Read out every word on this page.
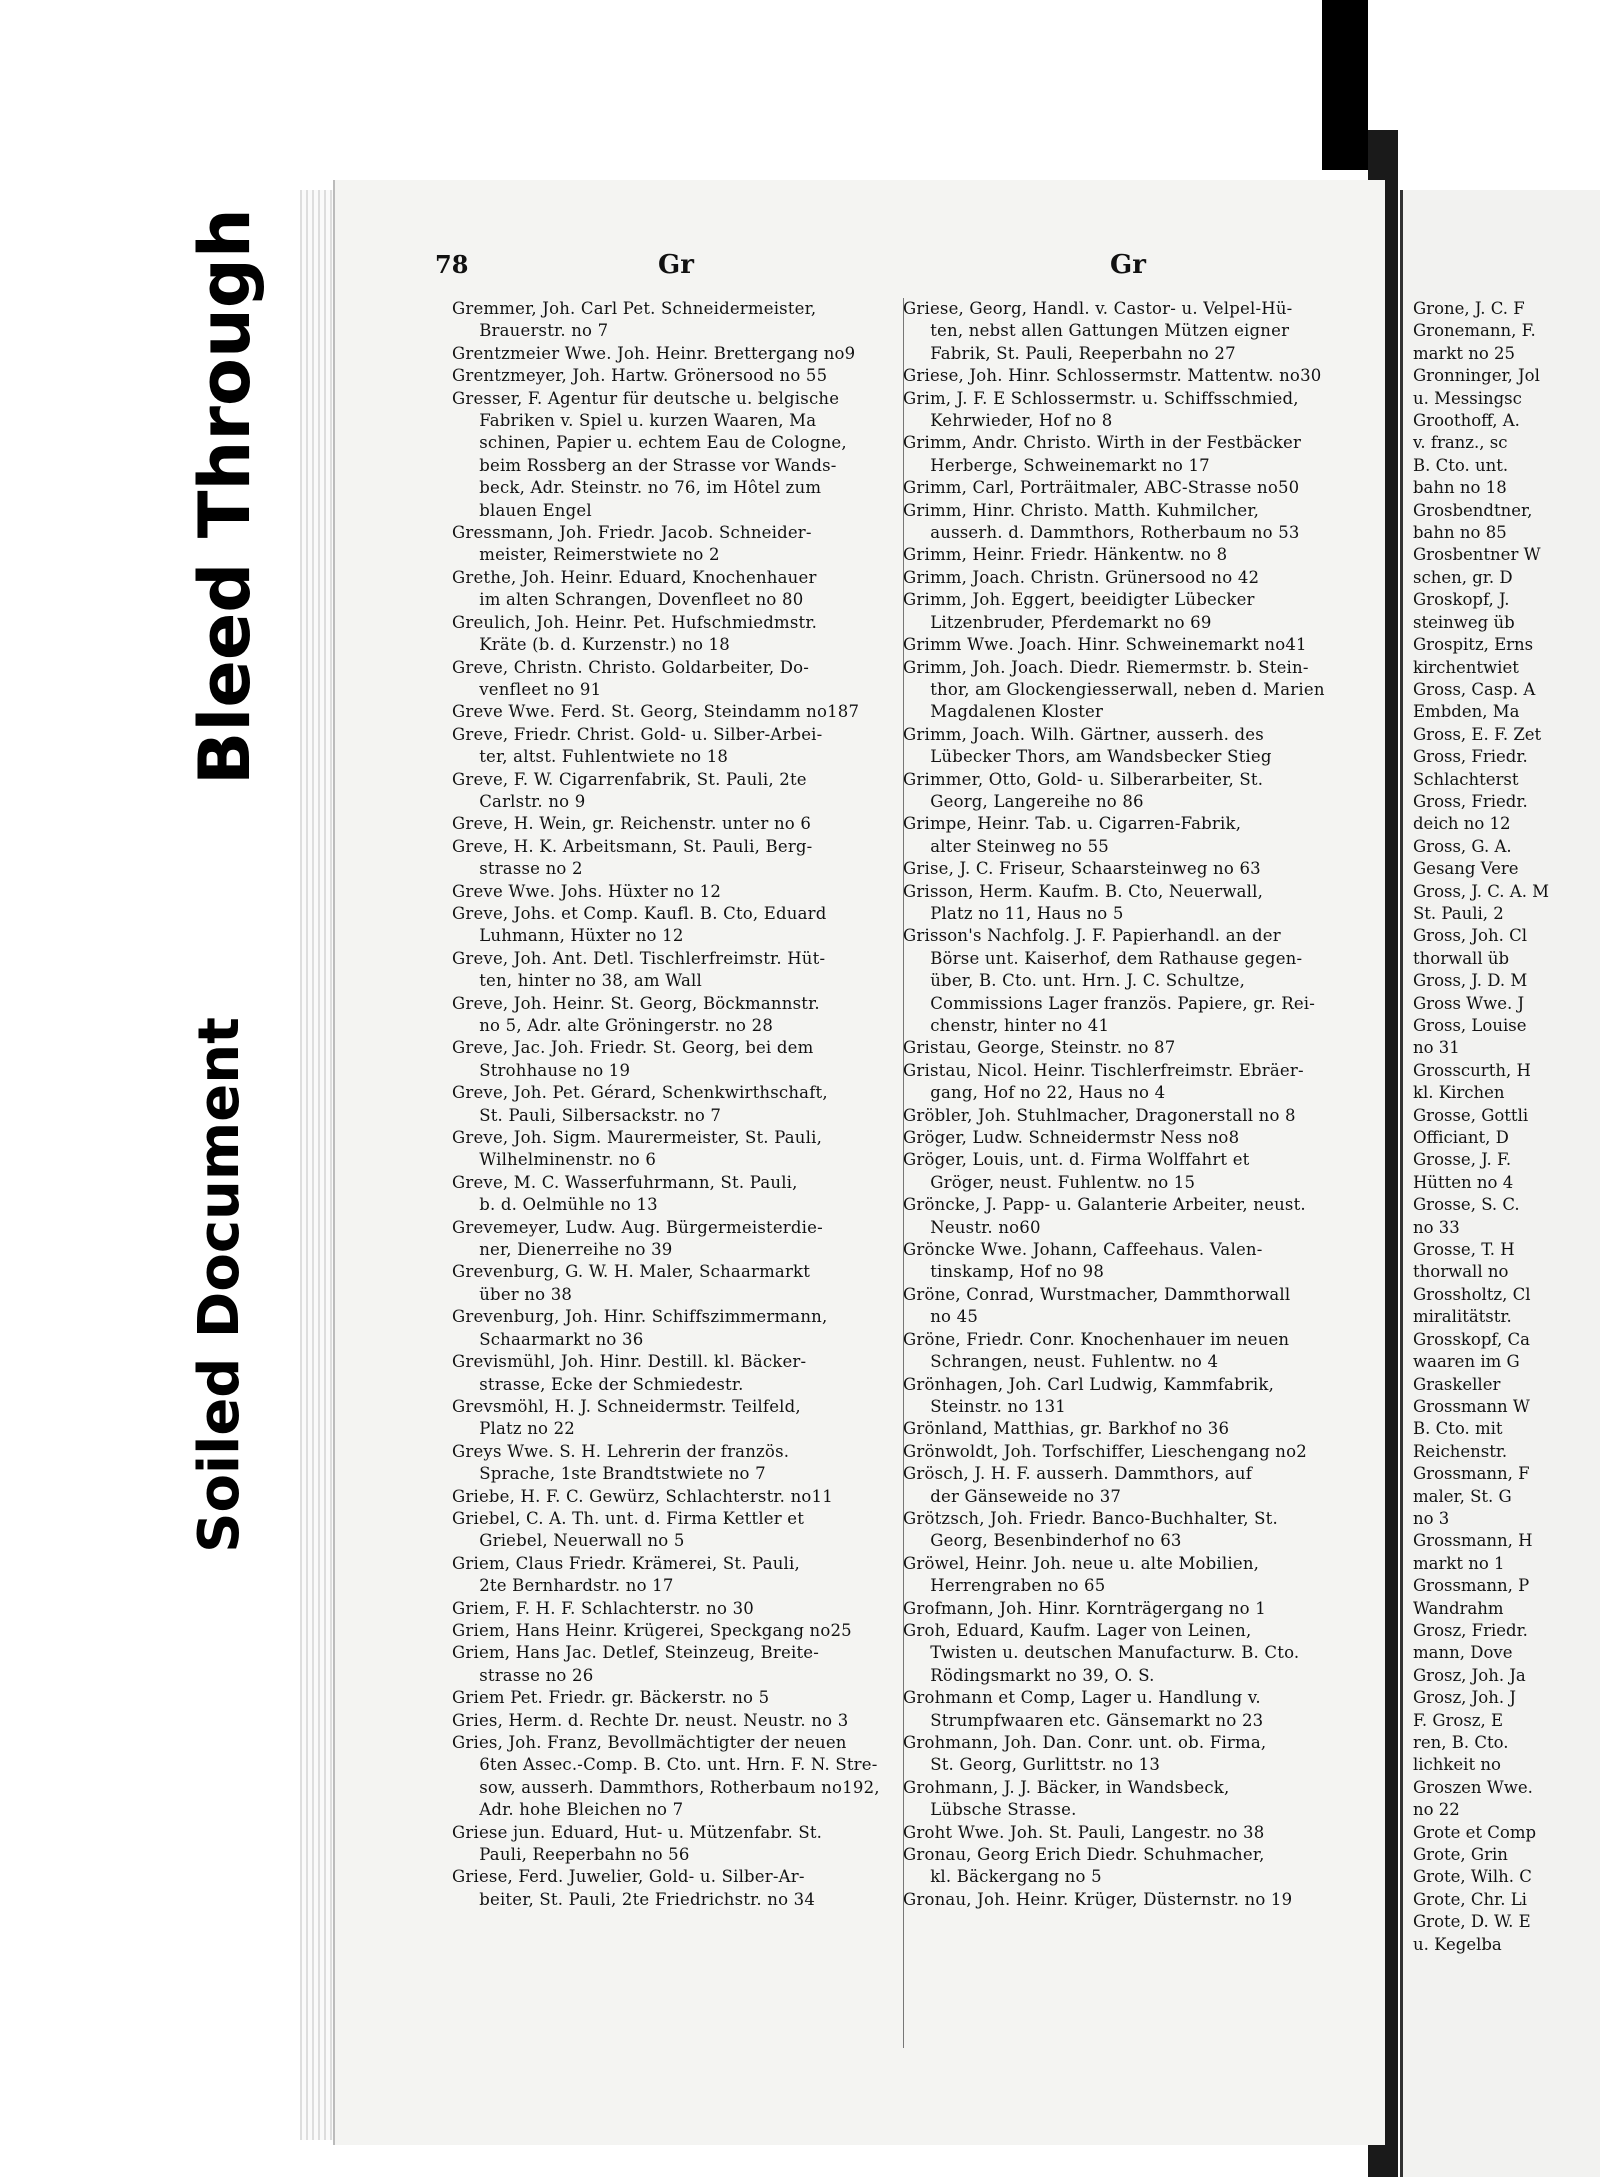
Bleed Through
Soiled Document
78	Gr	Gr
Gremmer, Joh. Carl Pet. Schneidermeister,
Brauerstr. no 7
Grentzmeier Wwe. Joh. Heinr. Brettergang no9
Grentzmeyer, Joh. Hartw. Grönersood no 55
Gresser, F. Agentur für deutsche u. belgische
Fabriken v. Spiel u. kurzen Waaren, Ma
schinen, Papier u. echtem Eau de Cologne,
beim Rossberg an der Strasse vor Wands-
beck, Adr. Steinstr. no 76, im Hôtel zum
blauen Engel
Gressmann, Joh. Friedr. Jacob. Schneider-
meister, Reimerstwiete no 2
Grethe, Joh. Heinr. Eduard, Knochenhauer
im alten Schrangen, Dovenfleet no 80
Greulich, Joh. Heinr. Pet. Hufschmiedmstr.
Kräte (b. d. Kurzenstr.) no 18
Greve, Christn. Christo. Goldarbeiter, Do-
venfleet no 91
Greve Wwe. Ferd. St. Georg, Steindamm no187
Greve, Friedr. Christ. Gold- u. Silber-Arbei-
ter, altst. Fuhlentwiete no 18
Greve, F. W. Cigarrenfabrik, St. Pauli, 2te
Carlstr. no 9
Greve, H. Wein, gr. Reichenstr. unter no 6
Greve, H. K. Arbeitsmann, St. Pauli, Berg-
strasse no 2
Greve Wwe. Johs. Hüxter no 12
Greve, Johs. et Comp. Kaufl. B. Cto, Eduard
Luhmann, Hüxter no 12
Greve, Joh. Ant. Detl. Tischlerfreimstr. Hüt-
ten, hinter no 38, am Wall
Greve, Joh. Heinr. St. Georg, Böckmannstr.
no 5, Adr. alte Gröningerstr. no 28
Greve, Jac. Joh. Friedr. St. Georg, bei dem
Strohhause no 19
Greve, Joh. Pet. Gérard, Schenkwirthschaft,
St. Pauli, Silbersackstr. no 7
Greve, Joh. Sigm. Maurermeister, St. Pauli,
Wilhelminenstr. no 6
Greve, M. C. Wasserfuhrmann, St. Pauli,
b. d. Oelmühle no 13
Grevemeyer, Ludw. Aug. Bürgermeisterdie-
ner, Dienerreihe no 39
Grevenburg, G. W. H. Maler, Schaarmarkt
über no 38
Grevenburg, Joh. Hinr. Schiffszimmermann,
Schaarmarkt no 36
Grevismühl, Joh. Hinr. Destill. kl. Bäcker-
strasse, Ecke der Schmiedestr.
Grevsmöhl, H. J. Schneidermstr. Teilfeld,
Platz no 22
Greys Wwe. S. H. Lehrerin der französ.
Sprache, 1ste Brandtstwiete no 7
Griebe, H. F. C. Gewürz, Schlachterstr. no11
Griebel, C. A. Th. unt. d. Firma Kettler et
Griebel, Neuerwall no 5
Griem, Claus Friedr. Krämerei, St. Pauli,
2te Bernhardstr. no 17
Griem, F. H. F. Schlachterstr. no 30
Griem, Hans Heinr. Krügerei, Speckgang no25
Griem, Hans Jac. Detlef, Steinzeug, Breite-
strasse no 26
Griem Pet. Friedr. gr. Bäckerstr. no 5
Gries, Herm. d. Rechte Dr. neust. Neustr. no 3
Gries, Joh. Franz, Bevollmächtigter der neuen
6ten Assec.-Comp. B. Cto. unt. Hrn. F. N. Stre-
sow, ausserh. Dammthors, Rotherbaum no192,
Adr. hohe Bleichen no 7
Griese jun. Eduard, Hut- u. Mützenfabr. St.
Pauli, Reeperbahn no 56
Griese, Ferd. Juwelier, Gold- u. Silber-Ar-
beiter, St. Pauli, 2te Friedrichstr. no 34
Griese, Georg, Handl. v. Castor- u. Velpel-Hü-
ten, nebst allen Gattungen Mützen eigner
Fabrik, St. Pauli, Reeperbahn no 27
Griese, Joh. Hinr. Schlossermstr. Mattentw. no30
Grim, J. F. E Schlossermstr. u. Schiffsschmied,
Kehrwieder, Hof no 8
Grimm, Andr. Christo. Wirth in der Festbäcker
Herberge, Schweinemarkt no 17
Grimm, Carl, Porträitmaler, ABC-Strasse no50
Grimm, Hinr. Christo. Matth. Kuhmilcher,
ausserh. d. Dammthors, Rotherbaum no 53
Grimm, Heinr. Friedr. Hänkentw. no 8
Grimm, Joach. Christn. Grünersood no 42
Grimm, Joh. Eggert, beeidigter Lübecker
Litzenbruder, Pferdemarkt no 69
Grimm Wwe. Joach. Hinr. Schweinemarkt no41
Grimm, Joh. Joach. Diedr. Riemermstr. b. Stein-
thor, am Glockengiesserwall, neben d. Marien
Magdalenen Kloster
Grimm, Joach. Wilh. Gärtner, ausserh. des
Lübecker Thors, am Wandsbecker Stieg
Grimmer, Otto, Gold- u. Silberarbeiter, St.
Georg, Langereihe no 86
Grimpe, Heinr. Tab. u. Cigarren-Fabrik,
alter Steinweg no 55
Grise, J. C. Friseur, Schaarsteinweg no 63
Grisson, Herm. Kaufm. B. Cto, Neuerwall,
Platz no 11, Haus no 5
Grisson's Nachfolg. J. F. Papierhandl. an der
Börse unt. Kaiserhof, dem Rathause gegen-
über, B. Cto. unt. Hrn. J. C. Schultze,
Commissions Lager französ. Papiere, gr. Rei-
chenstr, hinter no 41
Gristau, George, Steinstr. no 87
Gristau, Nicol. Heinr. Tischlerfreimstr. Ebräer-
gang, Hof no 22, Haus no 4
Gröbler, Joh. Stuhlmacher, Dragonerstall no 8
Gröger, Ludw. Schneidermstr Ness no8
Gröger, Louis, unt. d. Firma Wolffahrt et
Gröger, neust. Fuhlentw. no 15
Gröncke, J. Papp- u. Galanterie Arbeiter, neust.
Neustr. no60
Gröncke Wwe. Johann, Caffeehaus. Valen-
tinskamp, Hof no 98
Gröne, Conrad, Wurstmacher, Dammthorwall
no 45
Gröne, Friedr. Conr. Knochenhauer im neuen
Schrangen, neust. Fuhlentw. no 4
Grönhagen, Joh. Carl Ludwig, Kammfabrik,
Steinstr. no 131
Grönland, Matthias, gr. Barkhof no 36
Grönwoldt, Joh. Torfschiffer, Lieschengang no2
Grösch, J. H. F. ausserh. Dammthors, auf
der Gänseweide no 37
Grötzsch, Joh. Friedr. Banco-Buchhalter, St.
Georg, Besenbinderhof no 63
Gröwel, Heinr. Joh. neue u. alte Mobilien,
Herrengraben no 65
Grofmann, Joh. Hinr. Kornträgergang no 1
Groh, Eduard, Kaufm. Lager von Leinen,
Twisten u. deutschen Manufacturw. B. Cto.
Rödingsmarkt no 39, O. S.
Grohmann et Comp, Lager u. Handlung v.
Strumpfwaaren etc. Gänsemarkt no 23
Grohmann, Joh. Dan. Conr. unt. ob. Firma,
St. Georg, Gurlittstr. no 13
Grohmann, J. J. Bäcker, in Wandsbeck,
Lübsche Strasse.
Groht Wwe. Joh. St. Pauli, Langestr. no 38
Gronau, Georg Erich Diedr. Schuhmacher,
kl. Bäckergang no 5
Gronau, Joh. Heinr. Krüger, Düsternstr. no 19
Grone, J. C. F
Gronemann, F.
markt no 25
Gronninger, Jol
u. Messingsc
Groothoff, A.
v. franz., sc
B. Cto. unt.
bahn no 18
Grosbendtner,
bahn no 85
Grosbentner W
schen, gr. D
Groskopf, J.
steinweg üb
Grospitz, Erns
kirchentwiet
Gross, Casp. A
Embden, Ma
Gross, E. F. Zet
Gross, Friedr.
Schlachterst
Gross, Friedr.
deich no 12
Gross, G. A.
Gesang Vere
Gross, J. C. A. M
St. Pauli, 2
Gross, Joh. Cl
thorwall üb
Gross, J. D. M
Gross Wwe. J
Gross, Louise
no 31
Grosscurth, H
kl. Kirchen
Grosse, Gottli
Officiant, D
Grosse, J. F.
Hütten no 4
Grosse, S. C.
no 33
Grosse, T. H
thorwall no
Grossholtz, Cl
miralitätstr.
Grosskopf, Ca
waaren im G
Graskeller
Grossmann W
B. Cto. mit
Reichenstr.
Grossmann, F
maler, St. G
no 3
Grossmann, H
markt no 1
Grossmann, P
Wandrahm
Grosz, Friedr.
mann, Dove
Grosz, Joh. Ja
Grosz, Joh. J
F. Grosz, E
ren, B. Cto.
lichkeit no
Groszen Wwe.
no 22
Grote et Comp
Grote, Grin
Grote, Wilh. C
Grote, Chr. Li
Grote, D. W. E
u. Kegelba
